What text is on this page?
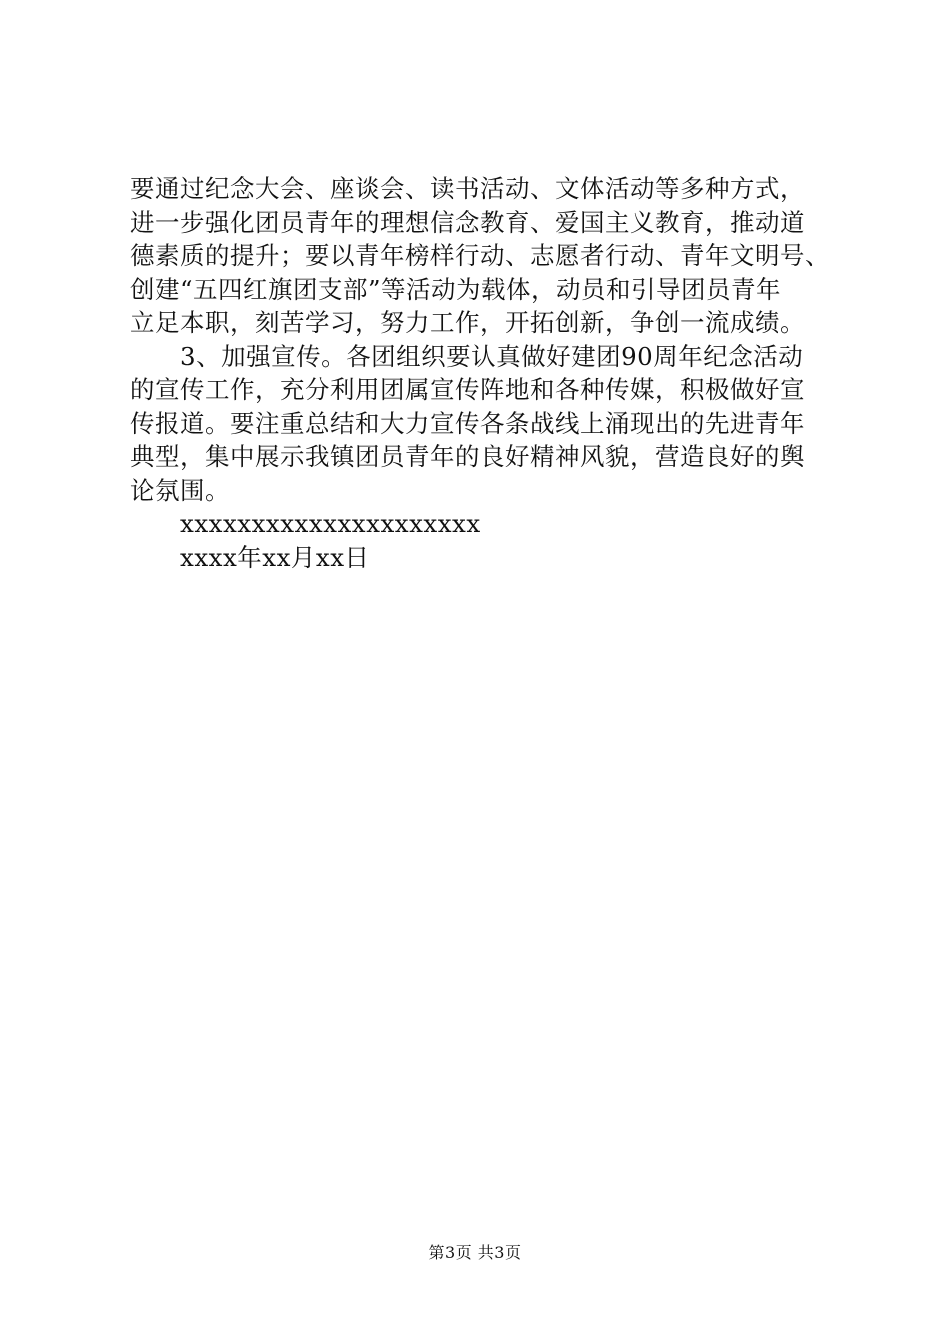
要通过纪念大会、座谈会、读书活动、文体活动等多种方式，
进一步强化团员青年的理想信念教育、爱国主义教育，推动道
德素质的提升；要以青年榜样行动、志愿者行动、青年文明号、
创建“五四红旗团支部”等活动为载体，动员和引导团员青年
立足本职，刻苦学习，努力工作，开拓创新，争创一流成绩。
3、加强宣传。各团组织要认真做好建团90周年纪念活动
的宣传工作，充分利用团属宣传阵地和各种传媒，积极做好宣
传报道。要注重总结和大力宣传各条战线上涌现出的先进青年
典型，集中展示我镇团员青年的良好精神风貌，营造良好的舆
论氛围。
xxxxxxxxxxxxxxxxxxxxx
xxxx年xx月xx日
第3页 共3页
